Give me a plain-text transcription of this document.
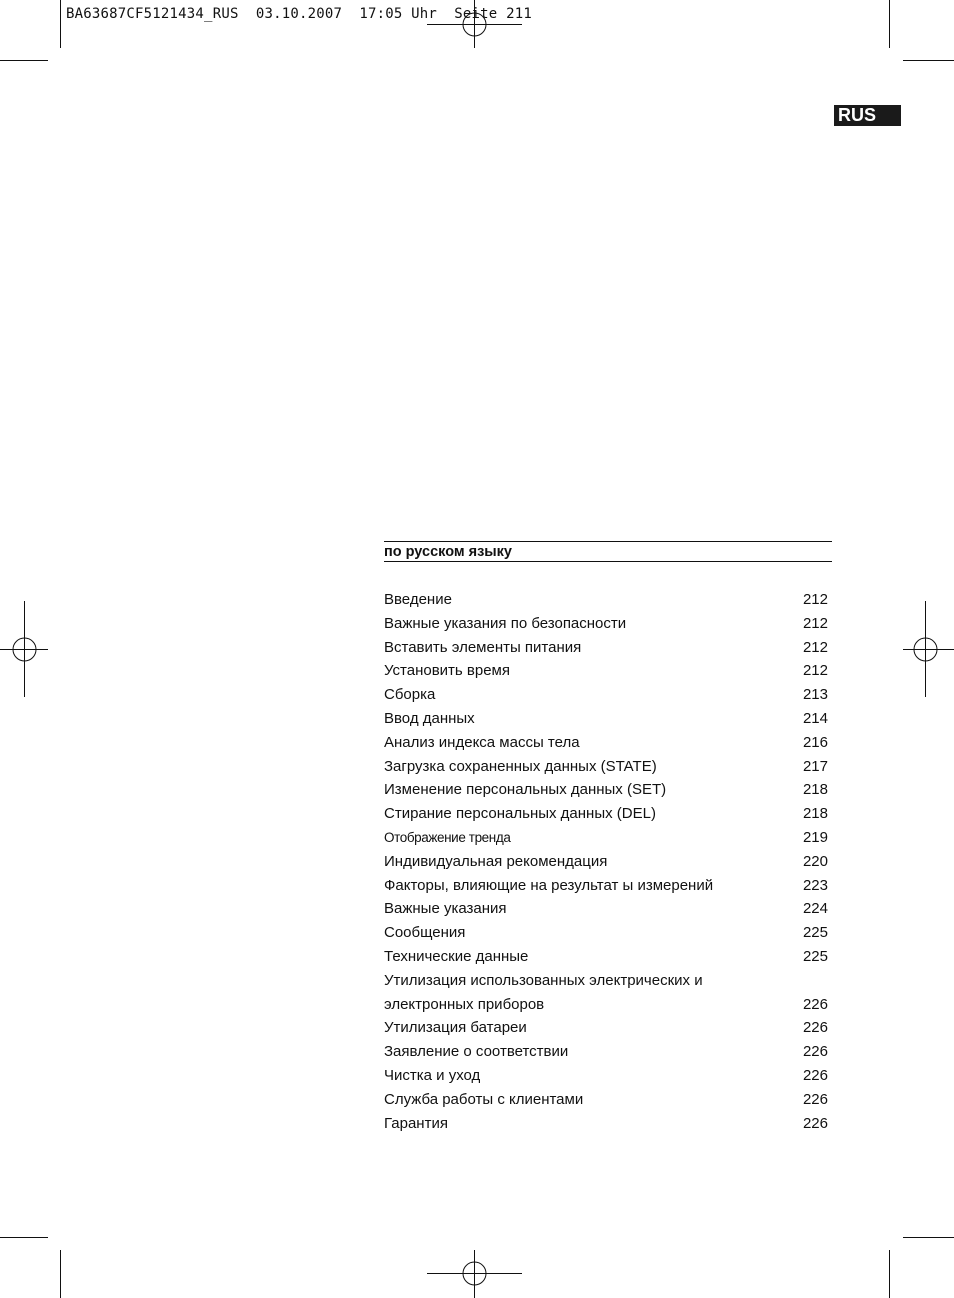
BA63687CF5121434_RUS  03.10.2007  17:05 Uhr  Seite 211
RUS
по русском языку
Введение	212
Важные указания по безопасности	212
Вставить элементы питания	212
Установить время	212
Сборка	213
Ввод данных	214
Анализ индекса массы тела	216
Загрузка сохраненных данных (STATE)	217
Изменение персональных данных (SET)	218
Стирание персональных данных (DEL)	218
Отображение тренда	219
Индивидуальная рекомендация	220
Факторы, влияющие на результат ы измерений	223
Важные указания	224
Сообщения	225
Технические данные	225
Утилизация использованных электрических и
электронных приборов	226
Утилизация батареи	226
Заявление о соответствии	226
Чистка и уход	226
Служба работы с клиентами	226
Гарантия	226
